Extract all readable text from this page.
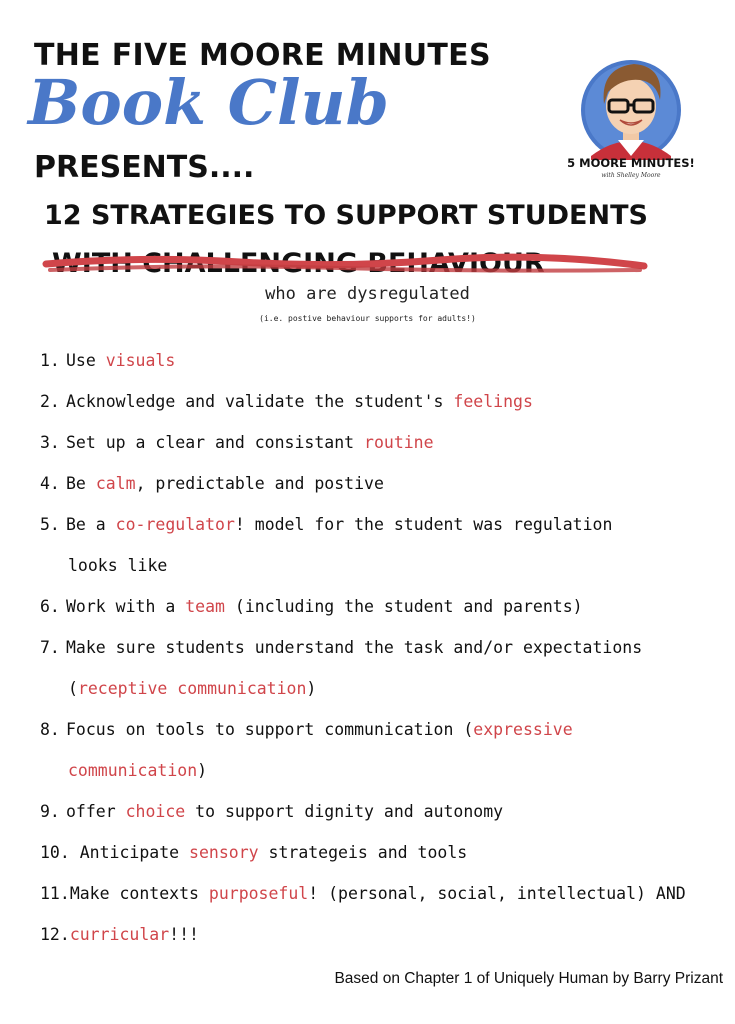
THE FIVE MOORE MINUTES
Book Club
PRESENTS....	5 MOORE MINUTES!
with Shelley Moore
12 STRATEGIES TO SUPPORT STUDENTS
WITH CHALLENGING BEHAVIOUR
who are dysregulated
(i.e. postive behaviour supports for adults!)
1. Use visuals
2. Acknowledge and validate the student's feelings
3. Set up a clear and consistant routine
4. Be calm, predictable and postive
5. Be a co-regulator! model for the student was regulation
looks like
6. Work with a team (including the student and parents)
7. Make sure students understand the task and/or expectations
(receptive communication)
8. Focus on tools to support communication (expressive
communication)
9. offer choice to support dignity and autonomy
10. Anticipate sensory strategeis and tools
11.Make contexts purposeful! (personal, social, intellectual) AND
12.curricular!!!
Based on Chapter 1 of Uniquely Human by Barry Prizant
